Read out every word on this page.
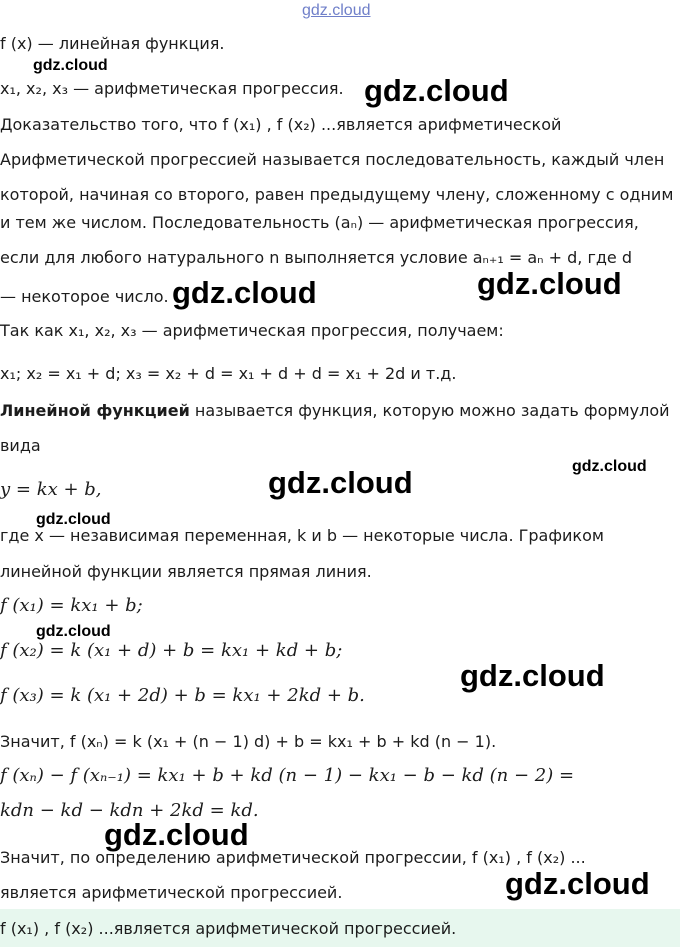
gdz.cloud
f (x) — линейная функция.
gdz.cloud
x₁, x₂, x₃ — арифметическая прогрессия. gdz.cloud
Доказательство того, что f (x₁) , f (x₂) ...является арифметической
Арифметической прогрессией называется последовательность, каждый член
которой, начиная со второго, равен предыдущему члену, сложенному с одним
и тем же числом. Последовательность (aₙ) — арифметическая прогрессия,
если для любого натурального n выполняется условие aₙ₊₁ = aₙ + d, где d
— некоторое число. gdz.cloud	gdz.cloud
Так как x₁, x₂, x₃ — арифметическая прогрессия, получаем:
x₁; x₂ = x₁ + d; x₃ = x₂ + d = x₁ + d + d = x₁ + 2d и т.д.
Линейной функцией называется функция, которую можно задать формулой
вида
gdz.cloud
y = kx + b,	gdz.cloud
gdz.cloud
где x — независимая переменная, k и b — некоторые числа. Графиком
линейной функции является прямая линия.
f (x₁) = kx₁ + b;
gdz.cloud
f (x₂) = k (x₁ + d) + b = kx₁ + kd + b;
gdz.cloud
f (x₃) = k (x₁ + 2d) + b = kx₁ + 2kd + b.
Значит, f (xₙ) = k (x₁ + (n − 1) d) + b = kx₁ + b + kd (n − 1).
f (xₙ) − f (xₙ₋₁) = kx₁ + b + kd (n − 1) − kx₁ − b − kd (n − 2) =
kdn − kd − kdn + 2kd = kd.
gdz.cloud
Значит, по определению арифметической прогрессии, f (x₁) , f (x₂) ...
является арифметической прогрессией.	gdz.cloud
f (x₁) , f (x₂) ...является арифметической прогрессией.
